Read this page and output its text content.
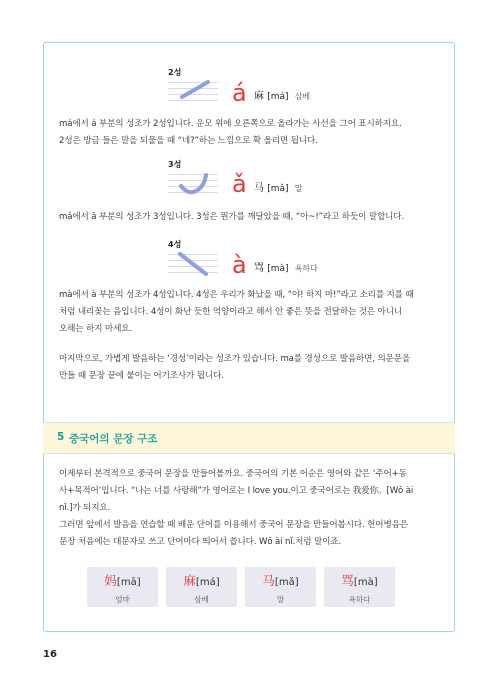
2성
á 麻 [má] 삼베

má에서 á 부분의 성조가 2성입니다. 운모 위에 오른쪽으로 올라가는 사선을 그어 표시하지요.
2성은 방금 들은 말을 되물을 때 “네?”하는 느낌으로 확 올리면 됩니다.

3성
ǎ 马 [mǎ] 말

mǎ에서 ǎ 부분의 성조가 3성입니다. 3성은 뭔가를 깨달았을 때, “아~!”라고 하듯이 말합니다.

4성
à 骂 [mà] 욕하다

mà에서 à 부분의 성조가 4성입니다. 4성은 우리가 화났을 때, “야! 하지 마!”라고 소리를 지를 때
처럼 내리꽂는 음입니다. 4성이 화난 듯한 억양이라고 해서 안 좋은 뜻을 전달하는 것은 아니니
오해는 하지 마세요.

마지막으로, 가볍게 발음하는 ‘경성’이라는 성조가 있습니다. ma를 경성으로 발음하면, 의문문을
만들 때 문장 끝에 붙이는 어기조사가 됩니다.

5 중국어의 문장 구조

이제부터 본격적으로 중국어 문장을 만들어볼까요. 중국어의 기본 어순은 영어와 같은 ‘주어+동
사+목적어’입니다. “나는 너를 사랑해”가 영어로는 I love you.이고 중국어로는 我爱你。[Wǒ ài
nǐ.]가 되지요.
그러면 앞에서 발음을 연습할 때 배운 단어를 이용해서 중국어 문장을 만들어봅시다. 헌어병음은
문장 처음에는 대문자로 쓰고 단어마다 띄어서 씁니다. Wǒ ài nǐ.처럼 말이죠.

妈[mā]
엄마
麻[má]
삼베
马[mǎ]
말
骂[mà]
욕하다
16
